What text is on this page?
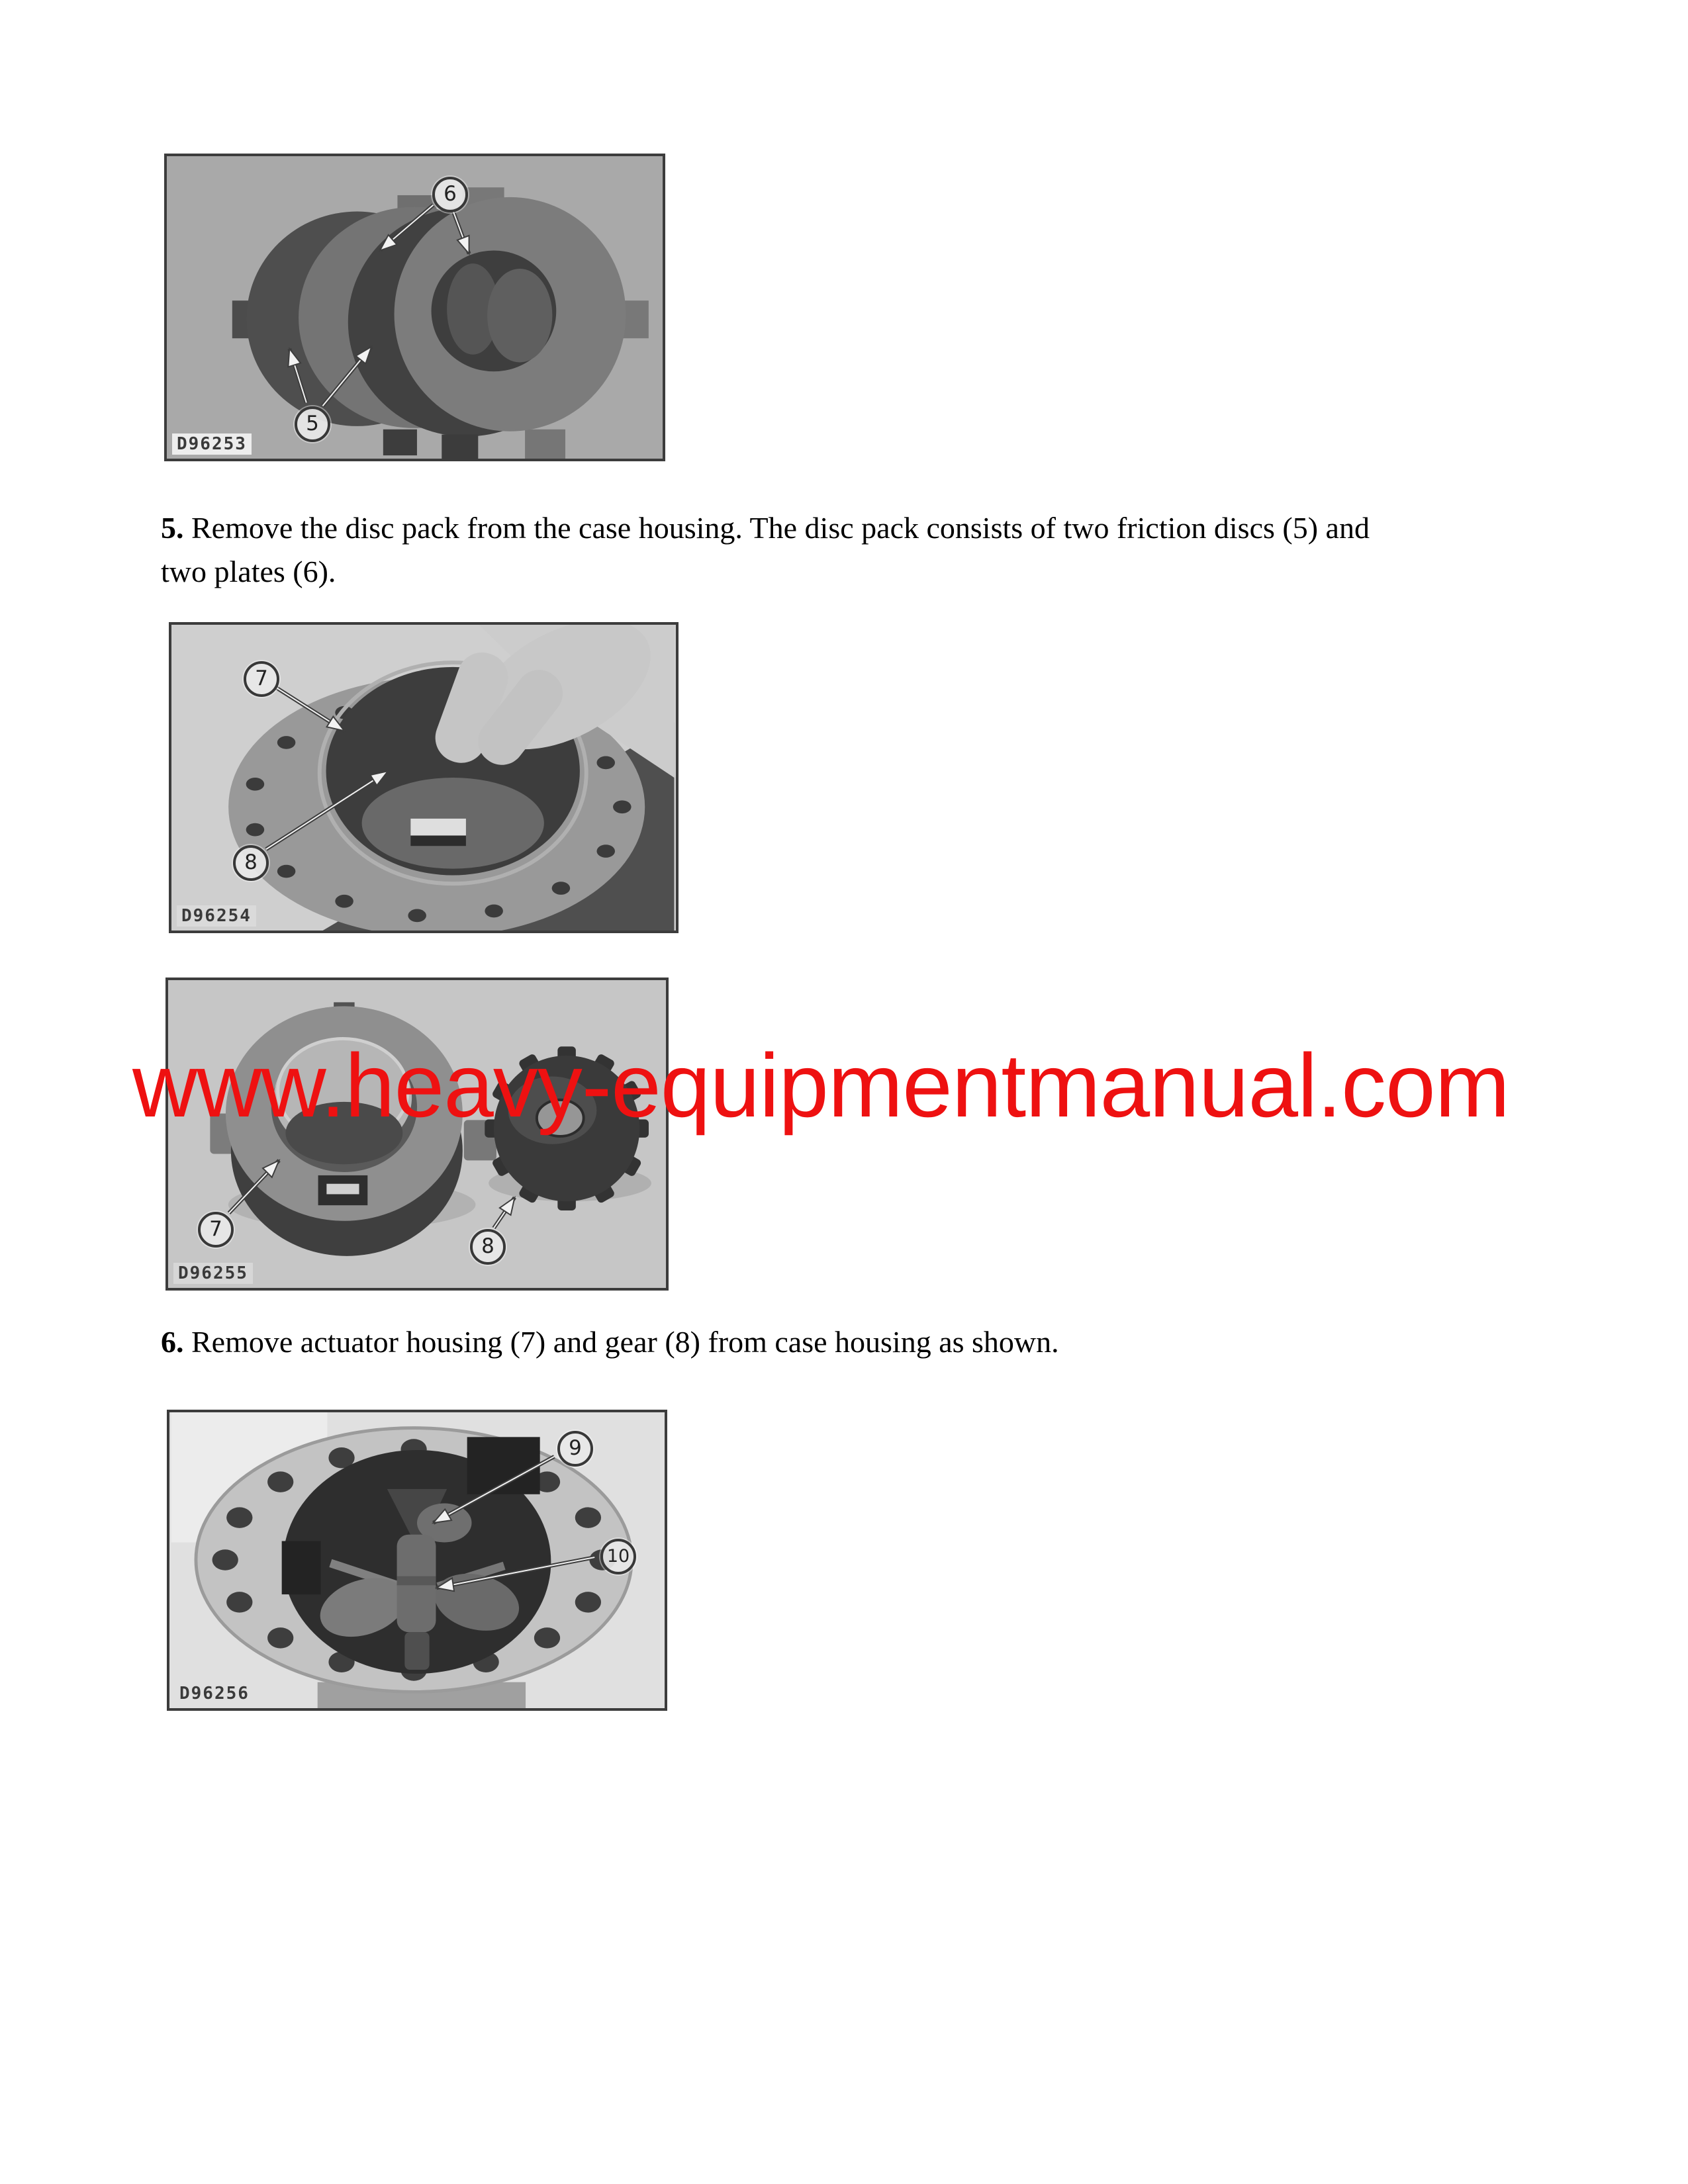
6
5
D96253

5. Remove the disc pack from the case housing. The disc pack consists of two friction discs (5) and
two plates (6).

7
8
D96254
7
8
D96255
www.heavy-equipmentmanual.com

6. Remove actuator housing (7) and gear (8) from case housing as shown.

9
10
D96256
